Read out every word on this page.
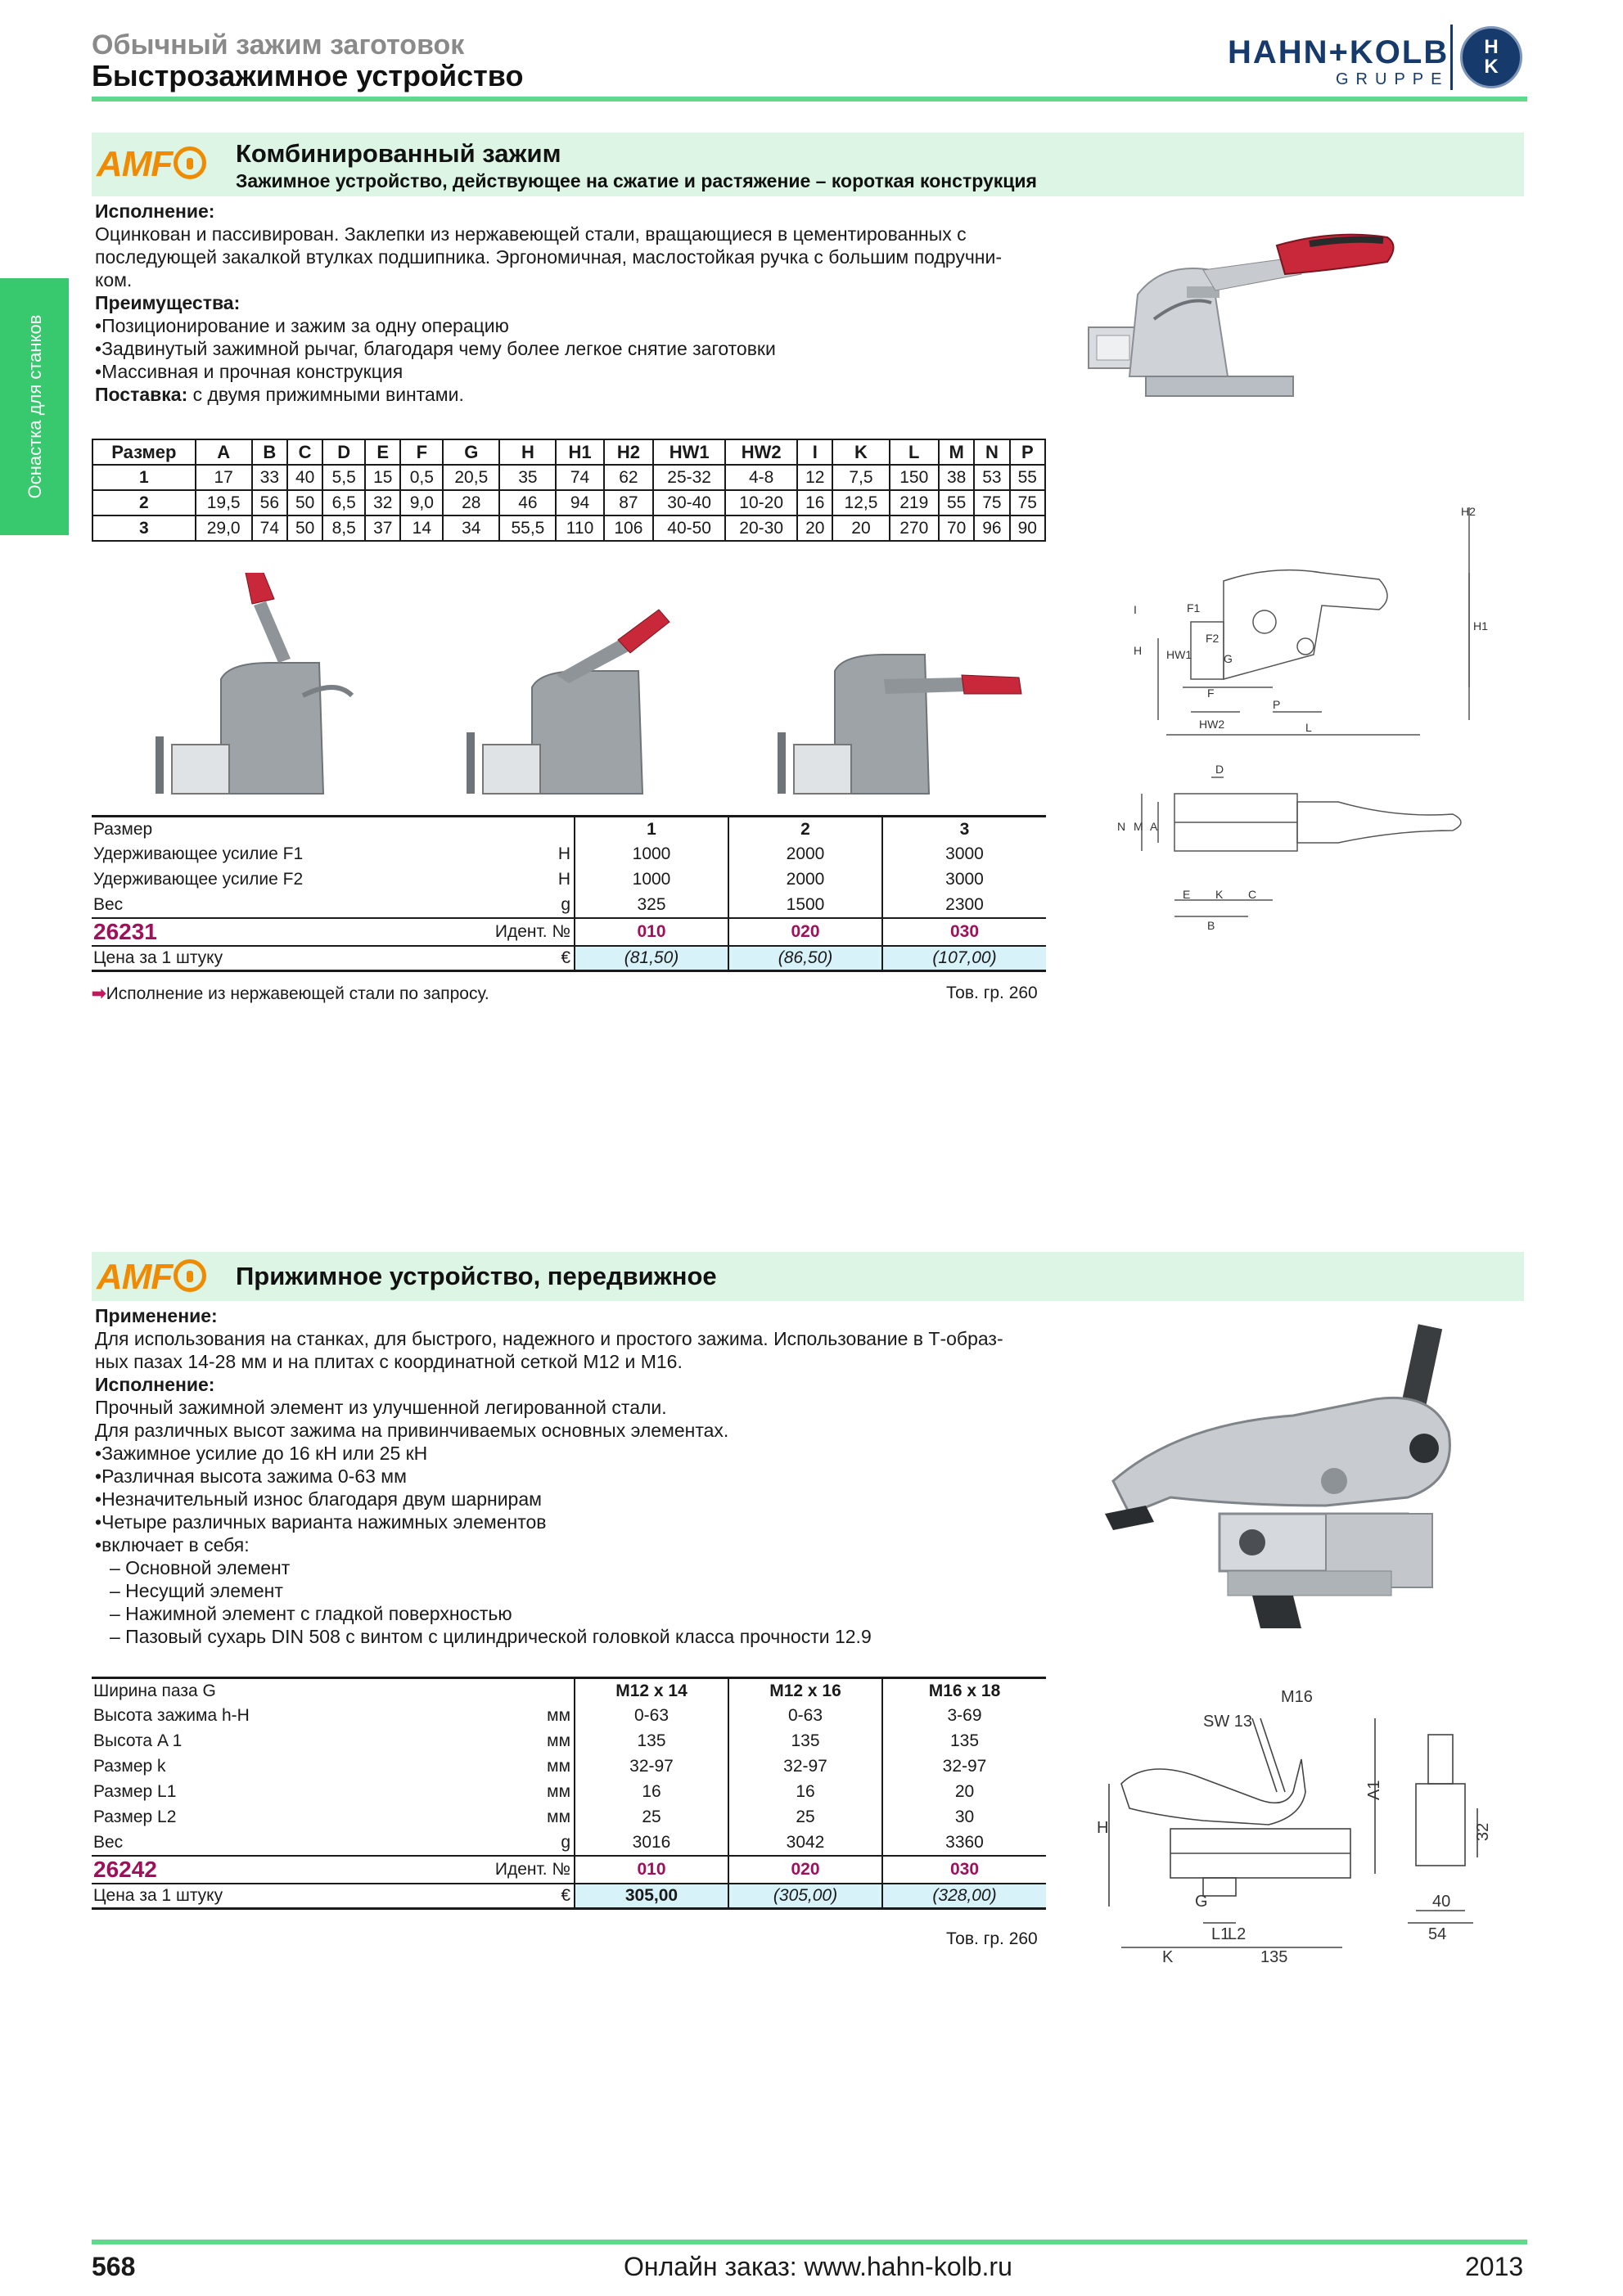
Обычный зажим заготовок
Быстрозажимное устройство
HAHN+KOLB
GRUPPE
H
K
Оснастка для станков
AMF	Комбинированный зажим
Зажимное устройство, действующее на сжатие и растяжение – короткая конструкция
Исполнение:
Оцинкован и пассивирован. Заклепки из нержавеющей стали, вращающиеся в цементированных с
последующей закалкой втулках подшипника. Эргономичная, маслостойкая ручка с большим подручни-
ком.
Преимущества:
•Позиционирование и зажим за одну операцию
•Задвинутый зажимной рычаг, благодаря чему более легкое снятие заготовки
•Массивная и прочная конструкция
Поставка: с двумя прижимными винтами.
Размер	A	B	C	D	E	F	G	H	H1	H2	HW1	HW2	I	K	L	M	N	P
1	17	33	40	5,5	15	0,5	20,5	35	74	62	25-32	4-8	12	7,5	150	38	53	55
2	19,5	56	50	6,5	32	9,0	28	46	94	87	30-40	10-20	16	12,5	219	55	75	75
3	29,0	74	50	8,5	37	14	34	55,5	110	106	40-50	20-30	20	20	270	70	96	90
H2
H1
I	F1
F2
H HW1	G
F
P
HW2	L
D
N M A
E K C
B
Размер		1	2	3
Удерживающее усилие F1	Н	1000	2000	3000
Удерживающее усилие F2	Н	1000	2000	3000
Вес	g	325	1500	2300
26231	Идент. №	010	020	030
Цена за 1 штуку	€	(81,50)	(86,50)	(107,00)
➡Исполнение из нержавеющей стали по запросу.	Тов. гр. 260
AMF	Прижимное устройство, передвижное
Применение:
Для использования на станках, для быстрого, надежного и простого зажима. Использование в Т-образ-
ных пазах 14-28 мм и на плитах с координатной сеткой М12 и М16.
Исполнение:
Прочный зажимной элемент из улучшенной легированной стали.
Для различных высот зажима на привинчиваемых основных элементах.
•Зажимное усилие до 16 кН или 25 кН
•Различная высота зажима 0-63 мм
•Незначительный износ благодаря двум шарнирам
•Четыре различных варианта нажимных элементов
•включает в себя:
– Основной элемент
– Несущий элемент
– Нажимной элемент с гладкой поверхностью
– Пазовый сухарь DIN 508 с винтом с цилиндрической головкой класса прочности 12.9
Ширина паза G		M12 x 14	M12 x 16	M16 x 18
Высота зажима h-H	мм	0-63	0-63	3-69
Высота A 1	мм	135	135	135
Размер k	мм	32-97	32-97	32-97
Размер L1	мм	16	16	20
Размер L2	мм	25	25	30
Вес	g	3016	3042	3360
26242	Идент. №	010	020	030
Цена за 1 штуку	€	305,00	(305,00)	(328,00)
Тов. гр. 260
M16
SW 13
A1
H
G
L1
L2
K	135
32
40
54
568	Онлайн заказ: www.hahn-kolb.ru	2013
